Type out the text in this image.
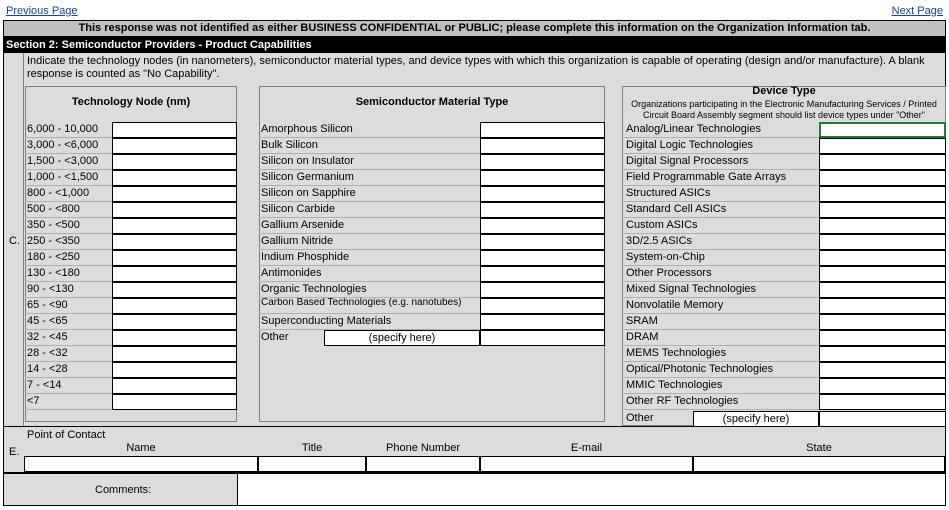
Previous Page	Next Page
This response was not identified as either BUSINESS CONFIDENTIAL or PUBLIC; please complete this information on the Organization Information tab.
Section 2: Semiconductor Providers - Product Capabilities
Indicate the technology nodes (in nanometers), semiconductor material types, and device types with which this organization is capable of operating (design and/or manufacture). A blank response is counted as "No Capability".
C.
Technology Node (nm)	Semiconductor Material Type
Device Type
Organizations participating in the Electronic Manufacturing Services / Printed Circuit Board Assembly segment should list device types under "Other"
6,000 - 10,000
3,000 - <6,000
1,500 - <3,000
1,000 - <1,500
800 - <1,000
500 - <800
350 - <500
250 - <350
180 - <250
130 - <180
90 - <130
65 - <90
45 - <65
32 - <45
28 - <32
14 - <28
7 - <14
<7
Amorphous Silicon
Bulk Silicon
Silicon on Insulator
Silicon Germanium
Silicon on Sapphire
Silicon Carbide
Gallium Arsenide
Gallium Nitride
Indium Phosphide
Antimonides
Organic Technologies
Carbon Based Technologies (e.g. nanotubes)
Superconducting Materials
Other	(specify here)
Analog/Linear Technologies
Digital Logic Technologies
Digital Signal Processors
Field Programmable Gate Arrays
Structured ASICs
Standard Cell ASICs
Custom ASICs
3D/2.5 ASICs
System-on-Chip
Other Processors
Mixed Signal Technologies
Nonvolatile Memory
SRAM
DRAM
MEMS Technologies
Optical/Photonic Technologies
MMIC Technologies
Other RF Technologies
Other	(specify here)
E.
Point of Contact
Name	Title	Phone Number	E-mail	State
Comments:
